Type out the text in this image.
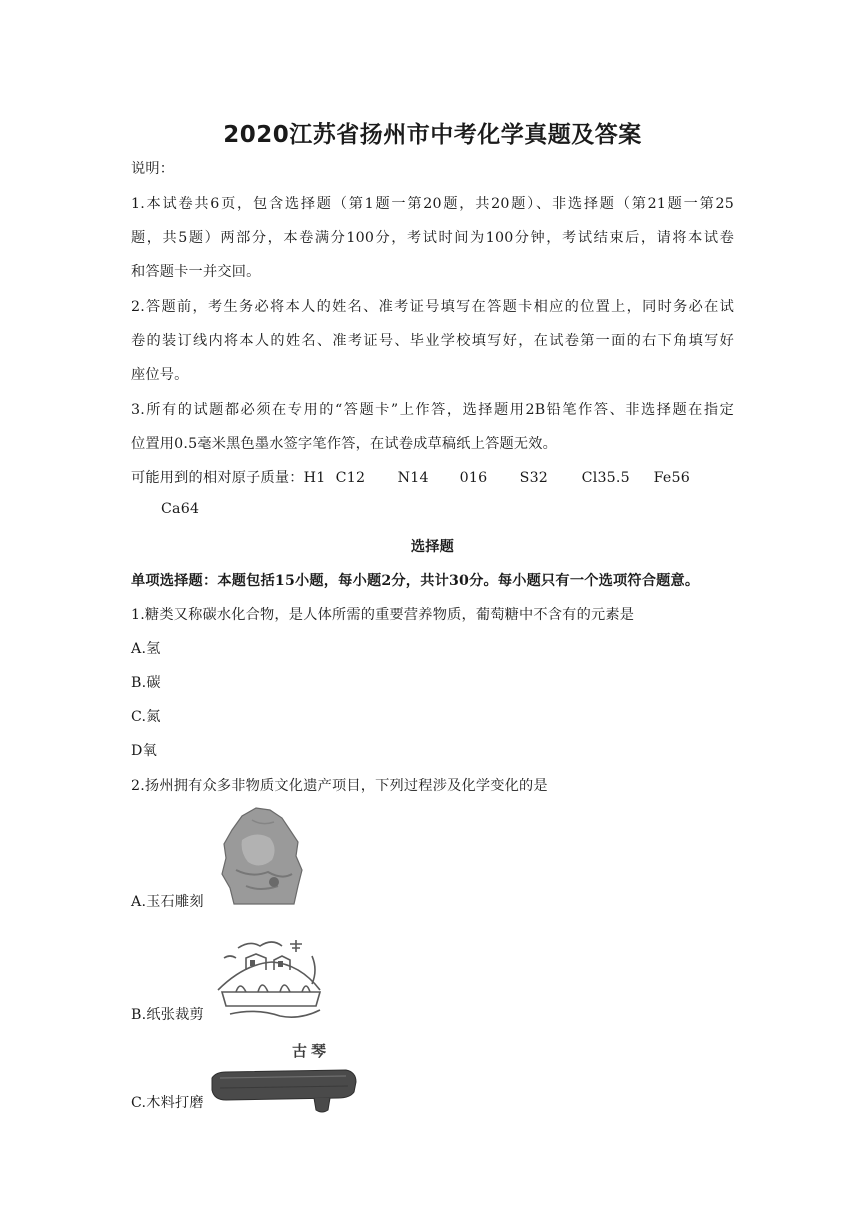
2020江苏省扬州市中考化学真题及答案
说明：
1.本试卷共6页，包含选择题（第1题一第20题，共20题）、非选择题（第21题一第25
题，共5题）两部分，本卷满分100分，考试时间为100分钟，考试结束后，请将本试卷
和答题卡一并交回。
2.答题前，考生务必将本人的姓名、准考证号填写在答题卡相应的位置上，同时务必在试
卷的装订线内将本人的姓名、准考证号、毕业学校填写好，在试卷第一面的右下角填写好
座位号。
3.所有的试题都必须在专用的“答题卡”上作答，选择题用2B铅笔作答、非选择题在指定
位置用0.5毫米黑色墨水签字笔作答，在试卷成草稿纸上答题无效。
可能用到的相对原子质量：H1 C12 N14 016 S32 Cl35.5 Fe56
Ca64
选择题
单项选择题：本题包括15小题，每小题2分，共计30分。每小题只有一个选项符合题意。
1.糖类又称碳水化合物，是人体所需的重要营养物质，葡萄糖中不含有的元素是
A.氢
B.碳
C.氮
D氧
2.扬州拥有众多非物质文化遗产项目，下列过程涉及化学变化的是
A.玉石雕刻
B.纸张裁剪
古琴
C.木料打磨
